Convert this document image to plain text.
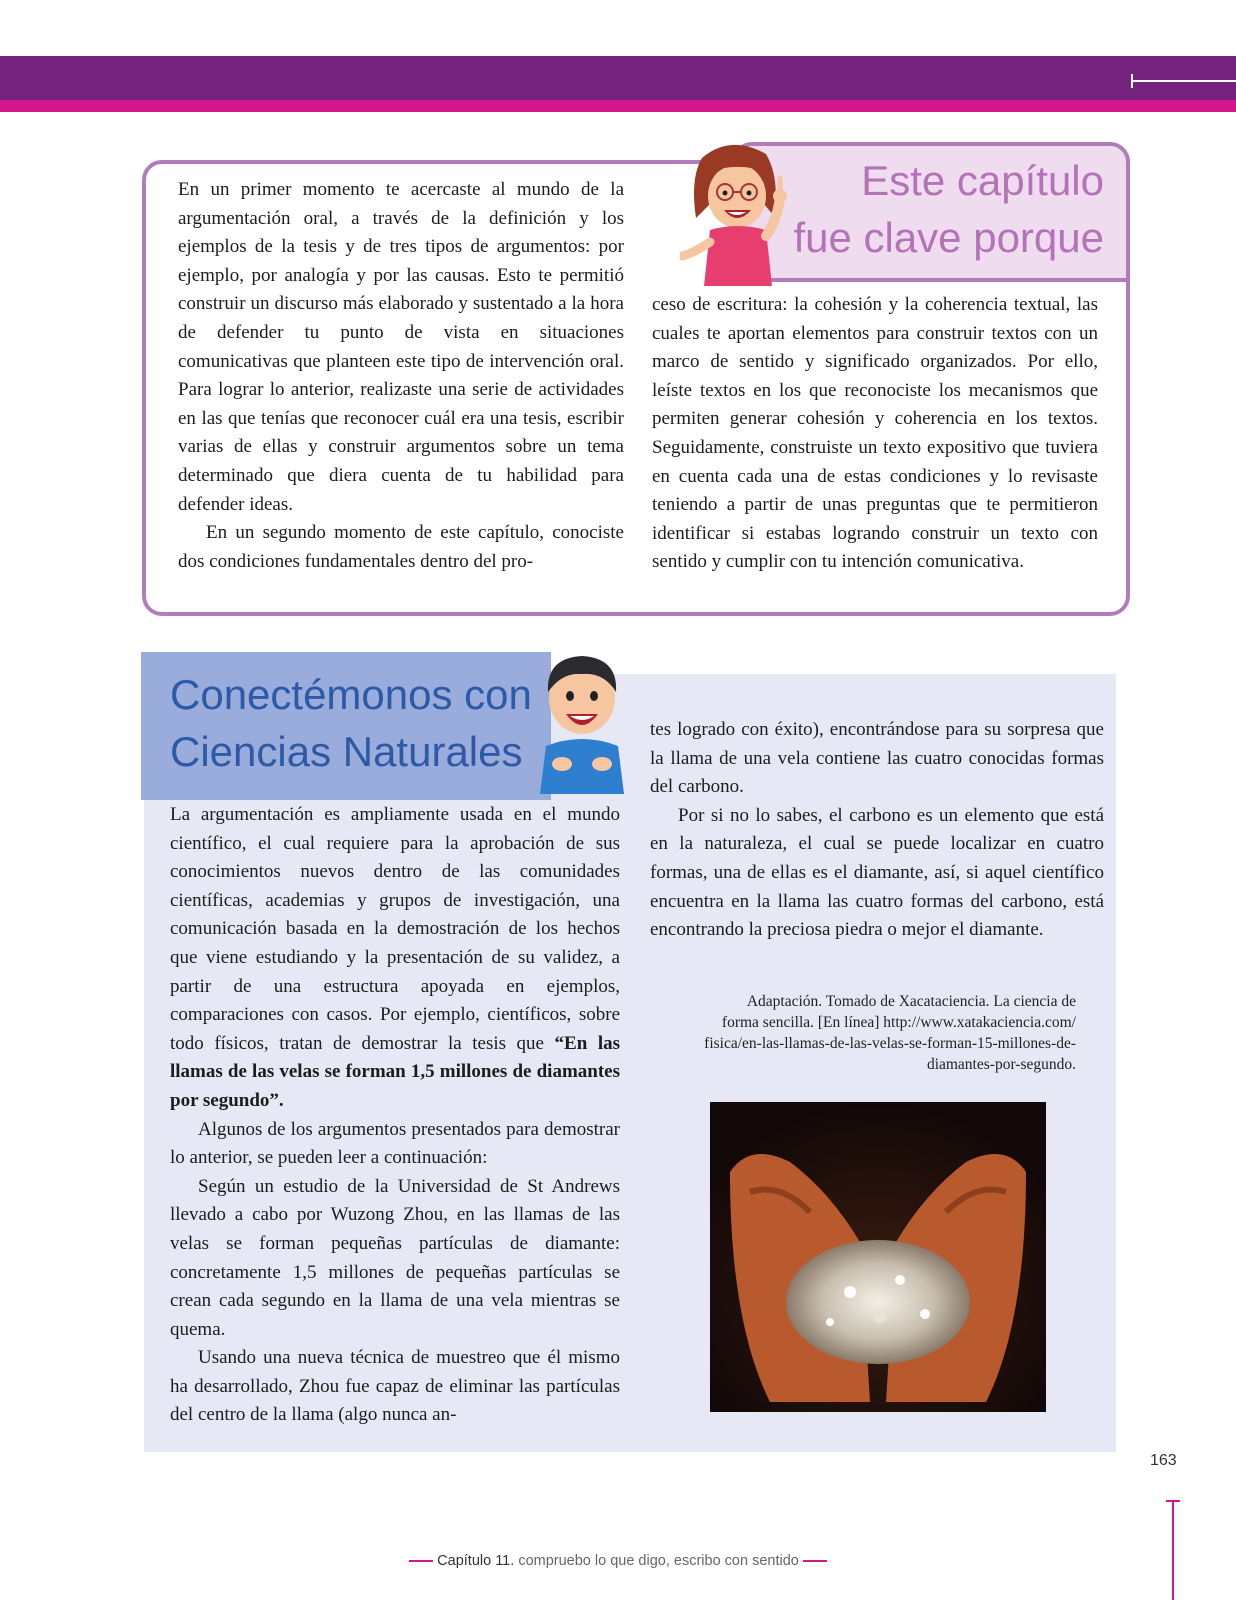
Este capítulo
fue clave porque

En un primer momento te acercaste al mundo de la argumentación oral, a través de la definición y los ejemplos de la tesis y de tres tipos de argumentos: por ejemplo, por analogía y por las causas. Esto te permitió construir un discurso más elaborado y sustentado a la hora de defender tu punto de vista en situaciones comunicativas que planteen este tipo de intervención oral. Para lograr lo anterior, realizaste una serie de actividades en las que tenías que reconocer cuál era una tesis, escribir varias de ellas y construir argumentos sobre un tema determinado que diera cuenta de tu habilidad para defender ideas.

En un segundo momento de este capítulo, conociste dos condiciones fundamentales dentro del pro-

ceso de escritura: la cohesión y la coherencia textual, las cuales te aportan elementos para construir textos con un marco de sentido y significado organizados. Por ello, leíste textos en los que reconociste los mecanismos que permiten generar cohesión y coherencia en los textos. Seguidamente, construiste un texto expositivo que tuviera en cuenta cada una de estas condiciones y lo revisaste teniendo a partir de unas preguntas que te permitieron identificar si estabas logrando construir un texto con sentido y cumplir con tu intención comunicativa.

Conectémonos con
Ciencias Naturales

La argumentación es ampliamente usada en el mundo científico, el cual requiere para la aprobación de sus conocimientos nuevos dentro de las comunidades científicas, academias y grupos de investigación, una comunicación basada en la demostración de los hechos que viene estudiando y la presentación de su validez, a partir de una estructura apoyada en ejemplos, comparaciones con casos. Por ejemplo, científicos, sobre todo físicos, tratan de demostrar la tesis que “En las llamas de las velas se forman 1,5 millones de diamantes por segundo”.

Algunos de los argumentos presentados para demostrar lo anterior, se pueden leer a continuación:

Según un estudio de la Universidad de St Andrews llevado a cabo por Wuzong Zhou, en las llamas de las velas se forman pequeñas partículas de diamante: concretamente 1,5 millones de pequeñas partículas se crean cada segundo en la llama de una vela mientras se quema.

Usando una nueva técnica de muestreo que él mismo ha desarrollado, Zhou fue capaz de eliminar las partículas del centro de la llama (algo nunca an-

tes logrado con éxito), encontrándose para su sorpresa que la llama de una vela contiene las cuatro conocidas formas del carbono.

Por si no lo sabes, el carbono es un elemento que está en la naturaleza, el cual se puede localizar en cuatro formas, una de ellas es el diamante, así, si aquel científico encuentra en la llama las cuatro formas del carbono, está encontrando la preciosa piedra o mejor el diamante.

Adaptación. Tomado de Xacataciencia. La ciencia de
forma sencilla. [En línea] http://www.xatakaciencia.com/
fisica/en-las-llamas-de-las-velas-se-forman-15-millones-de-
diamantes-por-segundo.
163
Capítulo 11. compruebo lo que digo, escribo con sentido
